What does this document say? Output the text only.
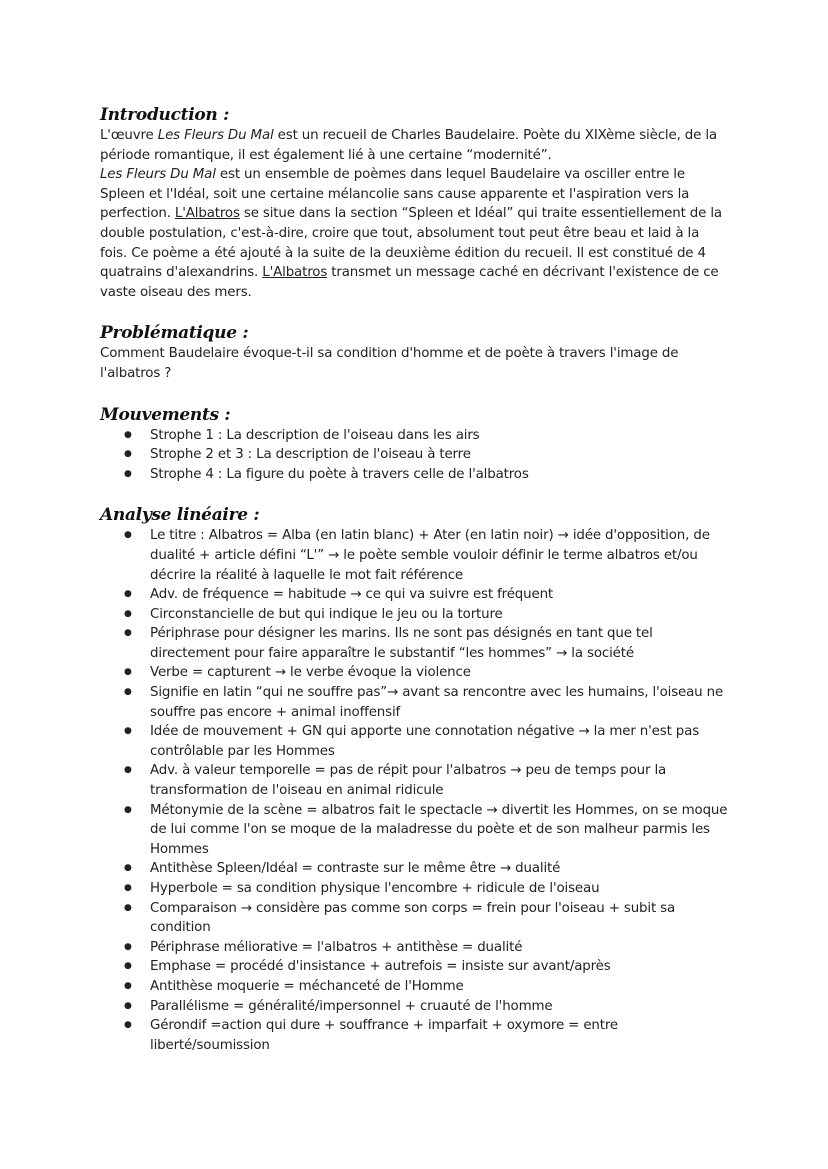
Introduction :

L'œuvre Les Fleurs Du Mal est un recueil de Charles Baudelaire. Poète du XIXème siècle, de la période romantique, il est également lié à une certaine “modernité”.

Les Fleurs Du Mal est un ensemble de poèmes dans lequel Baudelaire va osciller entre le Spleen et l'Idéal, soit une certaine mélancolie sans cause apparente et l'aspiration vers la perfection. L'Albatros se situe dans la section “Spleen et Idéal” qui traite essentiellement de la double postulation, c'est-à-dire, croire que tout, absolument tout peut être beau et laid à la fois. Ce poème a été ajouté à la suite de la deuxième édition du recueil. Il est constitué de 4 quatrains d'alexandrins. L'Albatros transmet un message caché en décrivant l'existence de ce vaste oiseau des mers.

Problématique :

Comment Baudelaire évoque-t-il sa condition d'homme et de poète à travers l'image de l'albatros ?

Mouvements :
● Strophe 1 : La description de l'oiseau dans les airs
● Strophe 2 et 3 : La description de l'oiseau à terre
● Strophe 4 : La figure du poète à travers celle de l'albatros
Analyse linéaire :
● Le titre : Albatros = Alba (en latin blanc) + Ater (en latin noir) → idée d'opposition, de dualité + article défini “L'” → le poète semble vouloir définir le terme albatros et/ou décrire la réalité à laquelle le mot fait référence
● Adv. de fréquence = habitude → ce qui va suivre est fréquent
● Circonstancielle de but qui indique le jeu ou la torture
● Périphrase pour désigner les marins. Ils ne sont pas désignés en tant que tel directement pour faire apparaître le substantif “les hommes” → la société
● Verbe = capturent → le verbe évoque la violence
● Signifie en latin “qui ne souffre pas”→ avant sa rencontre avec les humains, l'oiseau ne souffre pas encore + animal inoffensif
● Idée de mouvement + GN qui apporte une connotation négative → la mer n'est pas contrôlable par les Hommes
● Adv. à valeur temporelle = pas de répit pour l'albatros → peu de temps pour la transformation de l'oiseau en animal ridicule
● Métonymie de la scène = albatros fait le spectacle → divertit les Hommes, on se moque de lui comme l'on se moque de la maladresse du poète et de son malheur parmis les Hommes
● Antithèse Spleen/Idéal = contraste sur le même être → dualité
● Hyperbole = sa condition physique l'encombre + ridicule de l'oiseau
● Comparaison → considère pas comme son corps = frein pour l'oiseau + subit sa condition
● Périphrase méliorative = l'albatros + antithèse = dualité
● Emphase = procédé d'insistance + autrefois = insiste sur avant/après
● Antithèse moquerie = méchanceté de l'Homme
● Parallélisme = généralité/impersonnel + cruauté de l'homme
● Gérondif =action qui dure + souffrance + imparfait + oxymore = entre liberté/soumission
